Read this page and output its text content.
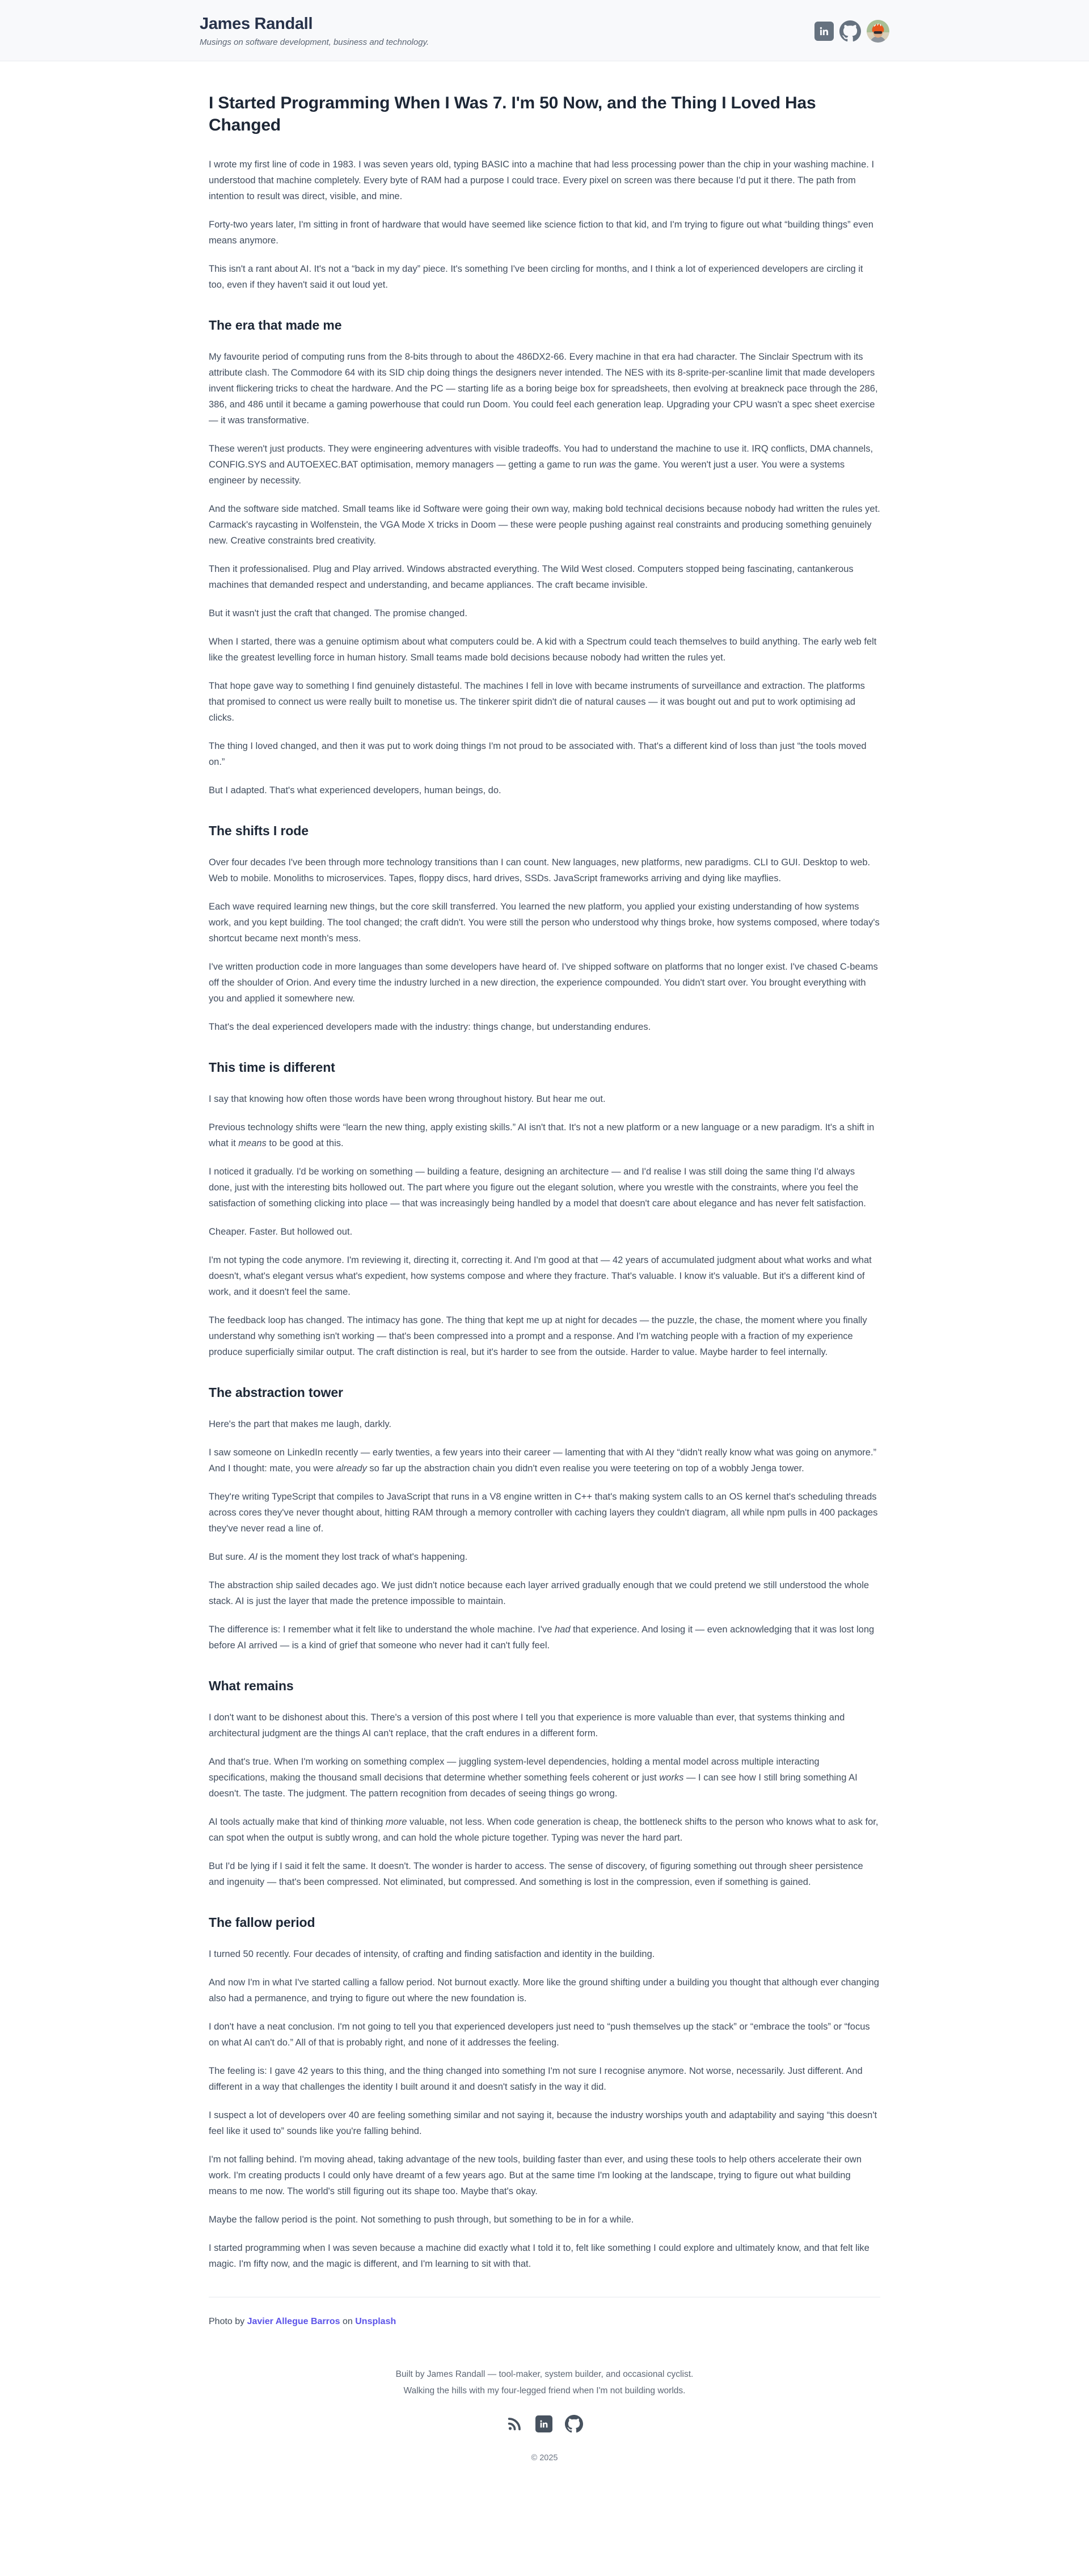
James Randall

Musings on software development, business and technology.

I Started Programming When I Was 7. I'm 50 Now, and the Thing I Loved Has Changed

I wrote my first line of code in 1983. I was seven years old, typing BASIC into a machine that had less processing power than the chip in your washing machine. I understood that machine completely. Every byte of RAM had a purpose I could trace. Every pixel on screen was there because I'd put it there. The path from intention to result was direct, visible, and mine.

Forty-two years later, I'm sitting in front of hardware that would have seemed like science fiction to that kid, and I'm trying to figure out what “building things” even means anymore.

This isn't a rant about AI. It's not a “back in my day” piece. It's something I've been circling for months, and I think a lot of experienced developers are circling it too, even if they haven't said it out loud yet.

The era that made me

My favourite period of computing runs from the 8-bits through to about the 486DX2-66. Every machine in that era had character. The Sinclair Spectrum with its attribute clash. The Commodore 64 with its SID chip doing things the designers never intended. The NES with its 8-sprite-per-scanline limit that made developers invent flickering tricks to cheat the hardware. And the PC — starting life as a boring beige box for spreadsheets, then evolving at breakneck pace through the 286, 386, and 486 until it became a gaming powerhouse that could run Doom. You could feel each generation leap. Upgrading your CPU wasn't a spec sheet exercise — it was transformative.

These weren't just products. They were engineering adventures with visible tradeoffs. You had to understand the machine to use it. IRQ conflicts, DMA channels, CONFIG.SYS and AUTOEXEC.BAT optimisation, memory managers — getting a game to run was the game. You weren't just a user. You were a systems engineer by necessity.

And the software side matched. Small teams like id Software were going their own way, making bold technical decisions because nobody had written the rules yet. Carmack's raycasting in Wolfenstein, the VGA Mode X tricks in Doom — these were people pushing against real constraints and producing something genuinely new. Creative constraints bred creativity.

Then it professionalised. Plug and Play arrived. Windows abstracted everything. The Wild West closed. Computers stopped being fascinating, cantankerous machines that demanded respect and understanding, and became appliances. The craft became invisible.

But it wasn't just the craft that changed. The promise changed.

When I started, there was a genuine optimism about what computers could be. A kid with a Spectrum could teach themselves to build anything. The early web felt like the greatest levelling force in human history. Small teams made bold decisions because nobody had written the rules yet.

That hope gave way to something I find genuinely distasteful. The machines I fell in love with became instruments of surveillance and extraction. The platforms that promised to connect us were really built to monetise us. The tinkerer spirit didn't die of natural causes — it was bought out and put to work optimising ad clicks.

The thing I loved changed, and then it was put to work doing things I'm not proud to be associated with. That's a different kind of loss than just “the tools moved on.”

But I adapted. That's what experienced developers, human beings, do.

The shifts I rode

Over four decades I've been through more technology transitions than I can count. New languages, new platforms, new paradigms. CLI to GUI. Desktop to web. Web to mobile. Monoliths to microservices. Tapes, floppy discs, hard drives, SSDs. JavaScript frameworks arriving and dying like mayflies.

Each wave required learning new things, but the core skill transferred. You learned the new platform, you applied your existing understanding of how systems work, and you kept building. The tool changed; the craft didn't. You were still the person who understood why things broke, how systems composed, where today's shortcut became next month's mess.

I've written production code in more languages than some developers have heard of. I've shipped software on platforms that no longer exist. I've chased C-beams off the shoulder of Orion. And every time the industry lurched in a new direction, the experience compounded. You didn't start over. You brought everything with you and applied it somewhere new.

That's the deal experienced developers made with the industry: things change, but understanding endures.

This time is different

I say that knowing how often those words have been wrong throughout history. But hear me out.

Previous technology shifts were “learn the new thing, apply existing skills.” AI isn't that. It's not a new platform or a new language or a new paradigm. It's a shift in what it means to be good at this.

I noticed it gradually. I'd be working on something — building a feature, designing an architecture — and I'd realise I was still doing the same thing I'd always done, just with the interesting bits hollowed out. The part where you figure out the elegant solution, where you wrestle with the constraints, where you feel the satisfaction of something clicking into place — that was increasingly being handled by a model that doesn't care about elegance and has never felt satisfaction.

Cheaper. Faster. But hollowed out.

I'm not typing the code anymore. I'm reviewing it, directing it, correcting it. And I'm good at that — 42 years of accumulated judgment about what works and what doesn't, what's elegant versus what's expedient, how systems compose and where they fracture. That's valuable. I know it's valuable. But it's a different kind of work, and it doesn't feel the same.

The feedback loop has changed. The intimacy has gone. The thing that kept me up at night for decades — the puzzle, the chase, the moment where you finally understand why something isn't working — that's been compressed into a prompt and a response. And I'm watching people with a fraction of my experience produce superficially similar output. The craft distinction is real, but it's harder to see from the outside. Harder to value. Maybe harder to feel internally.

The abstraction tower

Here's the part that makes me laugh, darkly.

I saw someone on LinkedIn recently — early twenties, a few years into their career — lamenting that with AI they “didn't really know what was going on anymore.” And I thought: mate, you were already so far up the abstraction chain you didn't even realise you were teetering on top of a wobbly Jenga tower.

They're writing TypeScript that compiles to JavaScript that runs in a V8 engine written in C++ that's making system calls to an OS kernel that's scheduling threads across cores they've never thought about, hitting RAM through a memory controller with caching layers they couldn't diagram, all while npm pulls in 400 packages they've never read a line of.

But sure. AI is the moment they lost track of what's happening.

The abstraction ship sailed decades ago. We just didn't notice because each layer arrived gradually enough that we could pretend we still understood the whole stack. AI is just the layer that made the pretence impossible to maintain.

The difference is: I remember what it felt like to understand the whole machine. I've had that experience. And losing it — even acknowledging that it was lost long before AI arrived — is a kind of grief that someone who never had it can't fully feel.

What remains

I don't want to be dishonest about this. There's a version of this post where I tell you that experience is more valuable than ever, that systems thinking and architectural judgment are the things AI can't replace, that the craft endures in a different form.

And that's true. When I'm working on something complex — juggling system-level dependencies, holding a mental model across multiple interacting specifications, making the thousand small decisions that determine whether something feels coherent or just works — I can see how I still bring something AI doesn't. The taste. The judgment. The pattern recognition from decades of seeing things go wrong.

AI tools actually make that kind of thinking more valuable, not less. When code generation is cheap, the bottleneck shifts to the person who knows what to ask for, can spot when the output is subtly wrong, and can hold the whole picture together. Typing was never the hard part.

But I'd be lying if I said it felt the same. It doesn't. The wonder is harder to access. The sense of discovery, of figuring something out through sheer persistence and ingenuity — that's been compressed. Not eliminated, but compressed. And something is lost in the compression, even if something is gained.

The fallow period

I turned 50 recently. Four decades of intensity, of crafting and finding satisfaction and identity in the building.

And now I'm in what I've started calling a fallow period. Not burnout exactly. More like the ground shifting under a building you thought that although ever changing also had a permanence, and trying to figure out where the new foundation is.

I don't have a neat conclusion. I'm not going to tell you that experienced developers just need to “push themselves up the stack” or “embrace the tools” or “focus on what AI can't do.” All of that is probably right, and none of it addresses the feeling.

The feeling is: I gave 42 years to this thing, and the thing changed into something I'm not sure I recognise anymore. Not worse, necessarily. Just different. And different in a way that challenges the identity I built around it and doesn't satisfy in the way it did.

I suspect a lot of developers over 40 are feeling something similar and not saying it, because the industry worships youth and adaptability and saying “this doesn't feel like it used to” sounds like you're falling behind.

I'm not falling behind. I'm moving ahead, taking advantage of the new tools, building faster than ever, and using these tools to help others accelerate their own work. I'm creating products I could only have dreamt of a few years ago. But at the same time I'm looking at the landscape, trying to figure out what building means to me now. The world's still figuring out its shape too. Maybe that's okay.

Maybe the fallow period is the point. Not something to push through, but something to be in for a while.

I started programming when I was seven because a machine did exactly what I told it to, felt like something I could explore and ultimately know, and that felt like magic. I'm fifty now, and the magic is different, and I'm learning to sit with that.

Photo by Javier Allegue Barros on Unsplash

Built by James Randall — tool-maker, system builder, and occasional cyclist.

Walking the hills with my four-legged friend when I'm not building worlds.

© 2025
